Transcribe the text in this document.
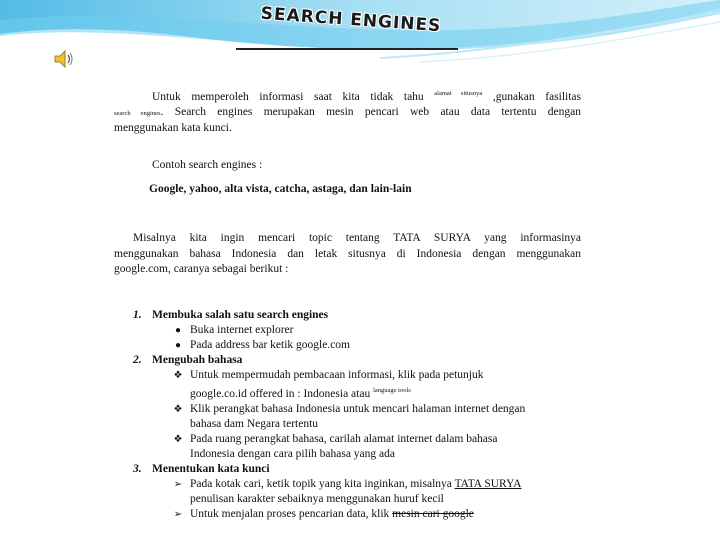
SEARCH ENGINES
Untuk memperoleh informasi saat kita tidak tahu $^{alamat situsnya}$ ,gunakan fasilitas
search engines. Search engines merupakan mesin pencari web atau data tertentu dengan
menggunakan kata kunci.
Contoh search engines :
Google, yahoo, alta vista, catcha, astaga, dan lain-lain
Misalnya kita ingin mencari topic tentang TATA SURYA yang informasinya
menggunakan bahasa Indonesia dan letak situsnya di Indonesia dengan menggunakan
google.com, caranya sebagai berikut :
1. Membuka salah satu search engines
● Buka internet explorer
● Pada address bar ketik google.com
2. Mengubah bahasa
❖ Untuk mempermudah pembacaan informasi, klik pada petunjuk
google.co.id offered in : Indonesia atau $^{language tools}$
❖ Klik perangkat bahasa Indonesia untuk mencari halaman internet dengan
bahasa dam Negara tertentu
❖ Pada ruang perangkat bahasa, carilah alamat internet dalam bahasa
Indonesia dengan cara pilih bahasa yang ada
3. Menentukan kata kunci
➢ Pada kotak cari, ketik topik yang kita inginkan, misalnya TATA SURYA
penulisan karakter sebaiknya menggunakan huruf kecil
➢ Untuk menjalan proses pencarian data, klik mesin cari google
